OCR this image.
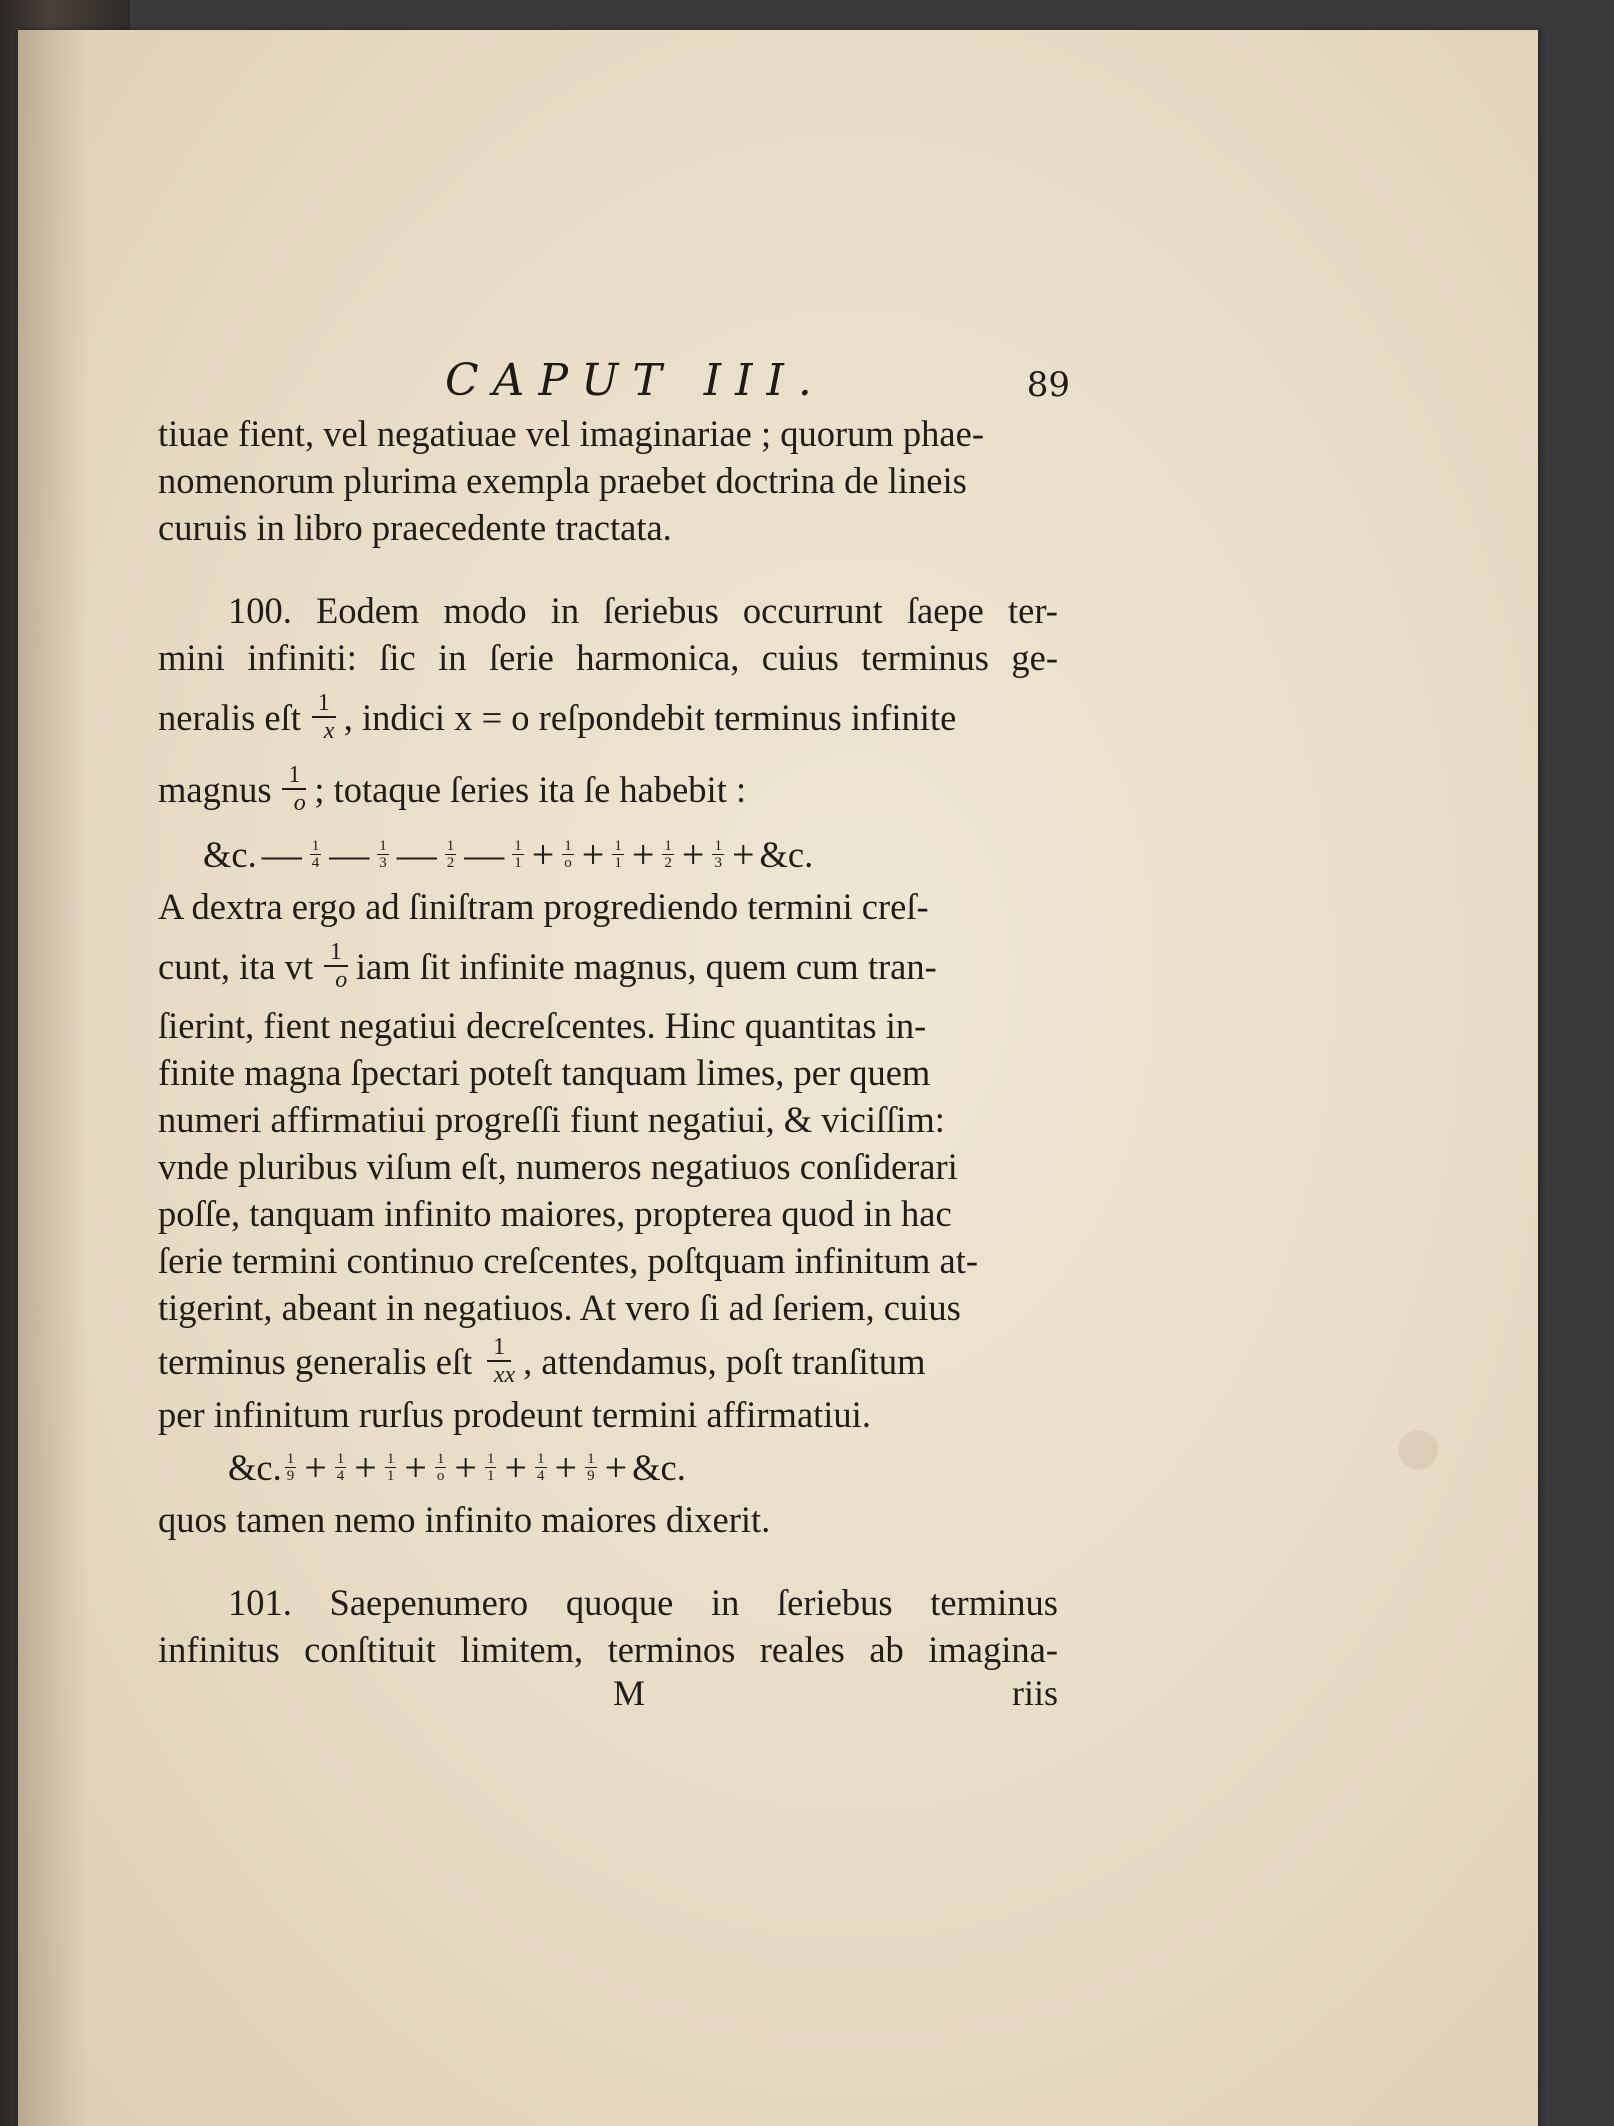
CAPUT III.	89
tiuae fient, vel negatiuae vel imaginariae ; quorum phae-
nomenorum plurima exempla praebet doctrina de lineis
curuis in libro praecedente tractata.
100. Eodem modo in ſeriebus occurrunt ſaepe ter-
mini infiniti: ſic in ſerie harmonica, cuius terminus ge-
neralis eſt $\frac{1}{x}$ , indici x = o reſpondebit terminus infinite
magnus $\frac{1}{o}$ ; totaque ſeries ita ſe habebit :
&c. — $\frac{1}{4}$ — $\frac{1}{3}$ — $\frac{1}{2}$ — $\frac{1}{1} + \frac{1}{o} + \frac{1}{1} + \frac{1}{2} + \frac{1}{3}$ + &c.
A dextra ergo ad ſiniſtram progrediendo termini creſ-
cunt, ita vt $\frac{1}{o}$ iam ſit infinite magnus, quem cum tran-
ſierint, fient negatiui decreſcentes. Hinc quantitas in-
finite magna ſpectari poteſt tanquam limes, per quem
numeri affirmatiui progreſſi fiunt negatiui, & viciſſim:
vnde pluribus viſum eſt, numeros negatiuos conſiderari
poſſe, tanquam infinito maiores, propterea quod in hac
ſerie termini continuo creſcentes, poſtquam infinitum at-
tigerint, abeant in negatiuos. At vero ſi ad ſeriem, cuius
terminus generalis eſt $\frac{1}{xx}$ , attendamus, poſt tranſitum
per infinitum rurſus prodeunt termini affirmatiui.
&c. $\frac{1}{9} + \frac{1}{4} + \frac{1}{1} + \frac{1}{o} + \frac{1}{1} + \frac{1}{4} + \frac{1}{9}$ + &c.
quos tamen nemo infinito maiores dixerit.
101. Saepenumero quoque in ſeriebus terminus
infinitus conſtituit limitem, terminos reales ab imagina-
M	riis
